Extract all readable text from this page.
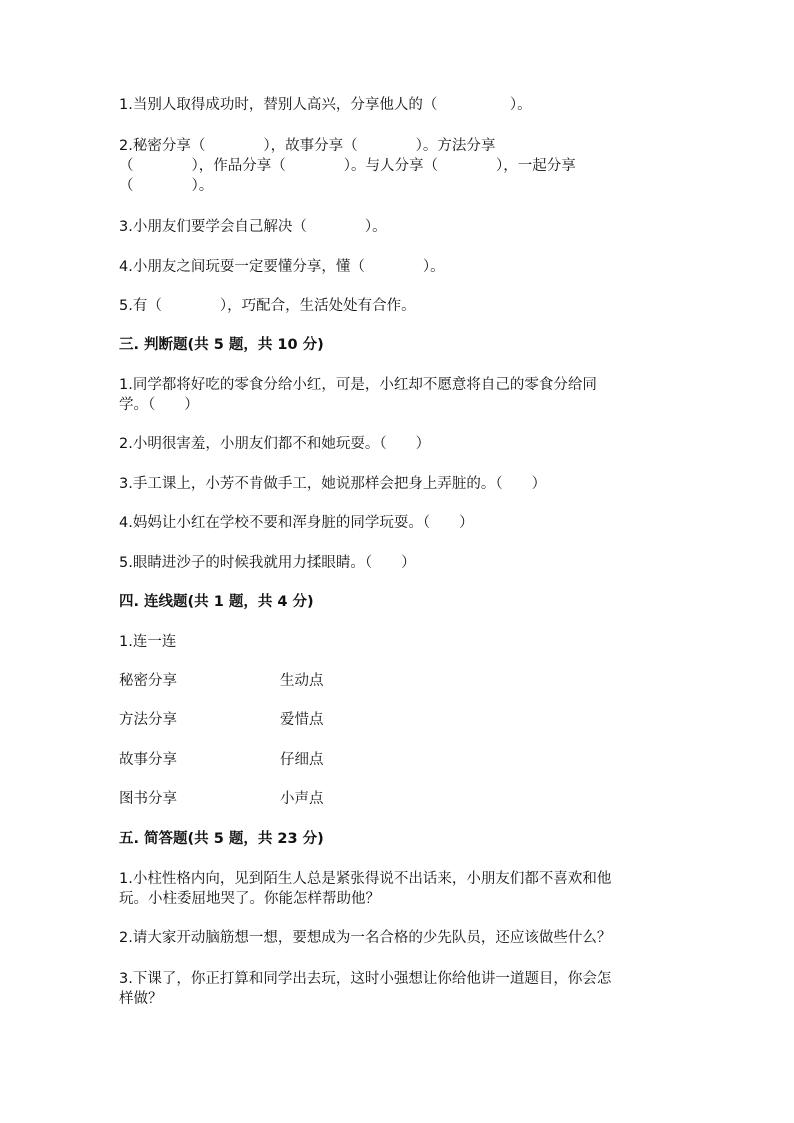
1.当别人取得成功时，替别人高兴，分享他人的（　　　　　）。

2.秘密分享（　　　　），故事分享（　　　　）。方法分享

（　　　　），作品分享（　　　　）。与人分享（　　　　），一起分享

（　　　　）。

3.小朋友们要学会自己解决（　　　　）。

4.小朋友之间玩耍一定要懂分享，懂（　　　　）。

5.有（　　　　），巧配合，生活处处有合作。

三. 判断题(共 5 题，共 10 分)

1.同学都将好吃的零食分给小红，可是，小红却不愿意将自己的零食分给同

学。（　　）

2.小明很害羞，小朋友们都不和她玩耍。（　　）

3.手工课上，小芳不肯做手工，她说那样会把身上弄脏的。（　　）

4.妈妈让小红在学校不要和浑身脏的同学玩耍。（　　）

5.眼睛进沙子的时候我就用力揉眼睛。（　　）

四. 连线题(共 1 题，共 4 分)

1.连一连

秘密分享	生动点
方法分享	爱惜点
故事分享	仔细点
图书分享	小声点

五. 简答题(共 5 题，共 23 分)

1.小柱性格内向，见到陌生人总是紧张得说不出话来，小朋友们都不喜欢和他

玩。小柱委屈地哭了。你能怎样帮助他？

2.请大家开动脑筋想一想，要想成为一名合格的少先队员，还应该做些什么？

3.下课了，你正打算和同学出去玩，这时小强想让你给他讲一道题目，你会怎

样做？
